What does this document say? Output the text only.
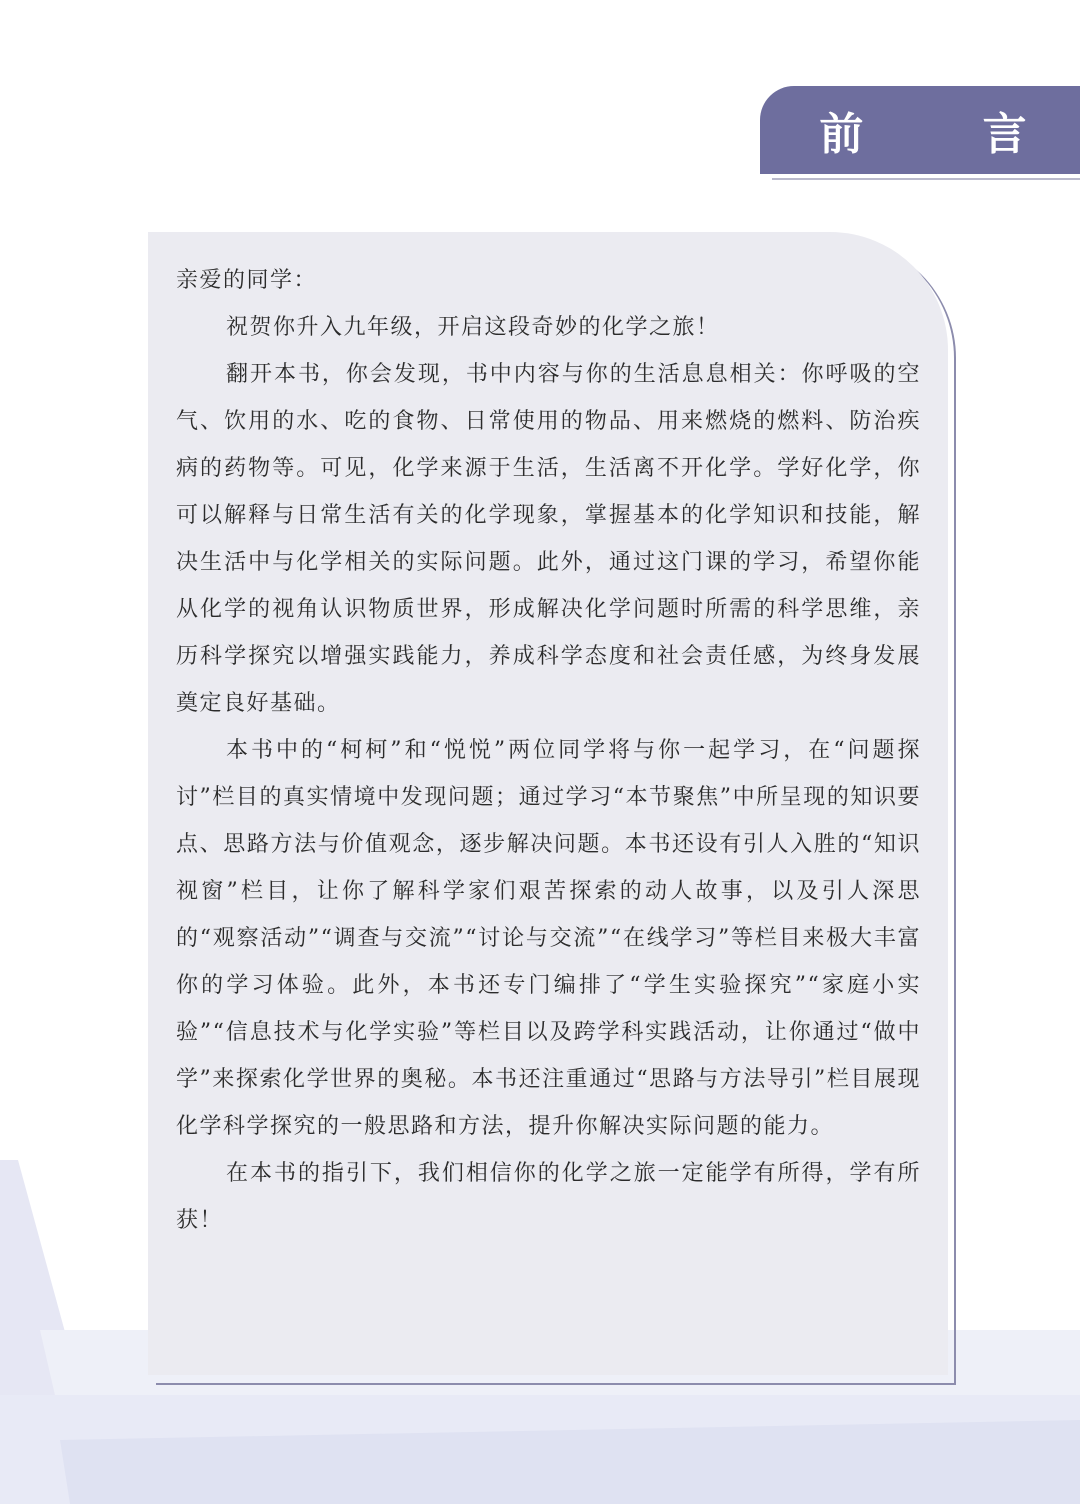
前 言

亲爱的同学：

祝贺你升入九年级，开启这段奇妙的化学之旅！

翻开本书，你会发现，书中内容与你的生活息息相关：你呼吸的空气、饮用的水、吃的食物、日常使用的物品、用来燃烧的燃料、防治疾病的药物等。可见，化学来源于生活，生活离不开化学。学好化学，你可以解释与日常生活有关的化学现象，掌握基本的化学知识和技能，解决生活中与化学相关的实际问题。此外，通过这门课的学习，希望你能从化学的视角认识物质世界，形成解决化学问题时所需的科学思维，亲历科学探究以增强实践能力，养成科学态度和社会责任感，为终身发展奠定良好基础。

本书中的“柯柯”和“悦悦”两位同学将与你一起学习，在“问题探讨”栏目的真实情境中发现问题；通过学习“本节聚焦”中所呈现的知识要点、思路方法与价值观念，逐步解决问题。本书还设有引人入胜的“知识视窗”栏目，让你了解科学家们艰苦探索的动人故事，以及引人深思的“观察活动”“调查与交流”“讨论与交流”“在线学习”等栏目来极大丰富你的学习体验。此外，本书还专门编排了“学生实验探究”“家庭小实验”“信息技术与化学实验”等栏目以及跨学科实践活动，让你通过“做中学”来探索化学世界的奥秘。本书还注重通过“思路与方法导引”栏目展现化学科学探究的一般思路和方法，提升你解决实际问题的能力。

在本书的指引下，我们相信你的化学之旅一定能学有所得，学有所获！
